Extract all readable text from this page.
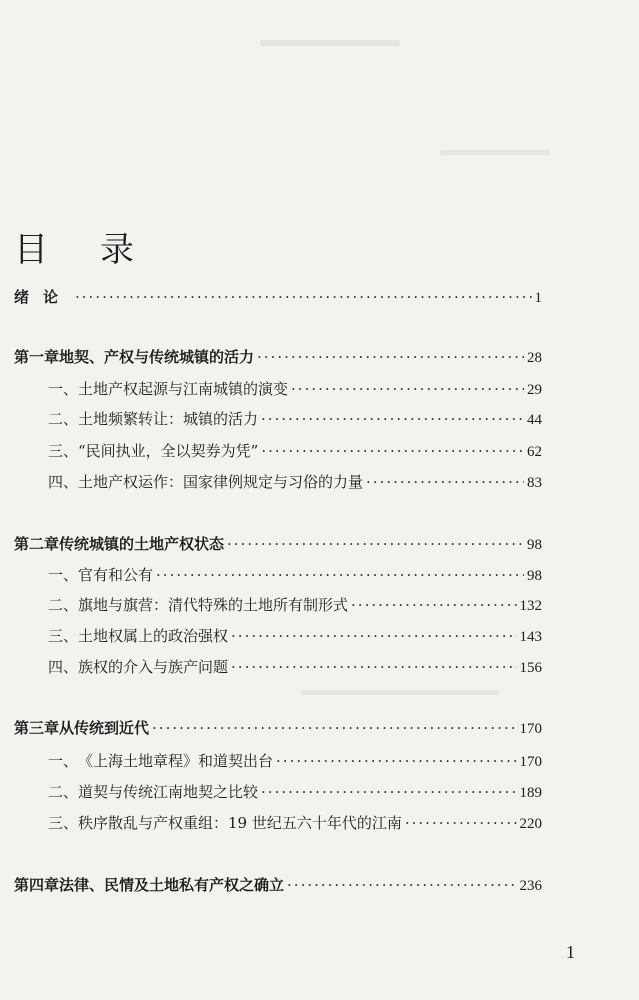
目 录
绪论 ·····	1
第一章 地契、产权与传统城镇的活力 ·····	28
一、 土地产权起源与江南城镇的演变 ·····	29
二、 土地频繁转让：城镇的活力 ·····	44
三、 “民间执业，全以契券为凭” ·····	62
四、 土地产权运作：国家律例规定与习俗的力量 ·····	83
第二章 传统城镇的土地产权状态 ·····	98
一、 官有和公有 ·····	98
二、 旗地与旗营：清代特殊的土地所有制形式 ·····	132
三、 土地权属上的政治强权 ·····	143
四、 族权的介入与族产问题 ·····	156
第三章 从传统到近代 ·····	170
一、 《上海土地章程》和道契出台 ·····	170
二、 道契与传统江南地契之比较 ·····	189
三、 秩序散乱与产权重组：19 世纪五六十年代的江南 ·····	220
第四章 法律、民情及土地私有产权之确立 ·····	236
1
